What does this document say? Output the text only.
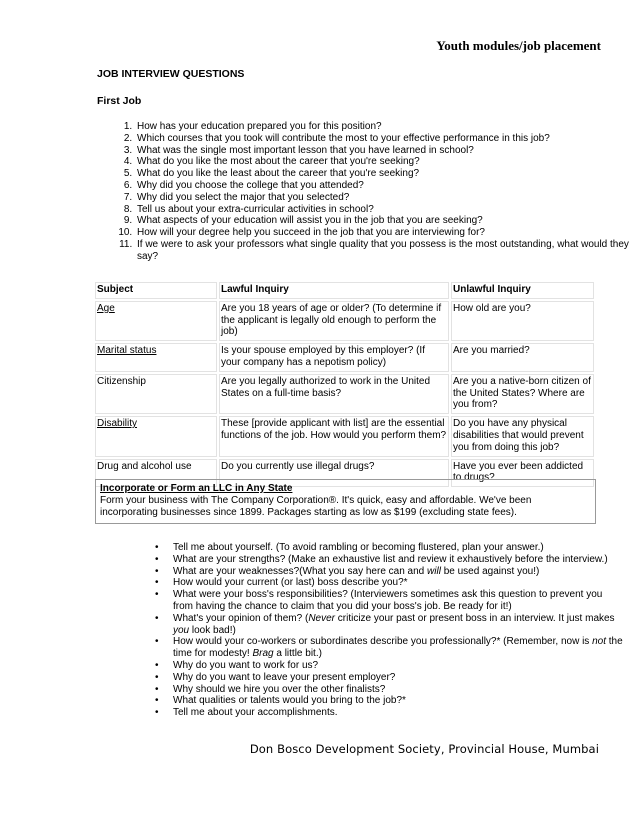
Youth modules/job placement
JOB INTERVIEW QUESTIONS
First Job
1. How has your education prepared you for this position?
2. Which courses that you took will contribute the most to your effective performance in this job?
3. What was the single most important lesson that you have learned in school?
4. What do you like the most about the career that you're seeking?
5. What do you like the least about the career that you're seeking?
6. Why did you choose the college that you attended?
7. Why did you select the major that you selected?
8. Tell us about your extra-curricular activities in school?
9. What aspects of your education will assist you in the job that you are seeking?
10. How will your degree help you succeed in the job that you are interviewing for?
11. If we were to ask your professors what single quality that you possess is the most outstanding, what would they say?
Subject	Lawful Inquiry	Unlawful Inquiry
Age	Are you 18 years of age or older? (To determine if the applicant is legally old enough to perform the job)	How old are you?
Marital status	Is your spouse employed by this employer? (If your company has a nepotism policy)	Are you married?
Citizenship	Are you legally authorized to work in the United States on a full-time basis?	Are you a native-born citizen of the United States? Where are you from?
Disability	These [provide applicant with list] are the essential functions of the job. How would you perform them?	Do you have any physical disabilities that would prevent you from doing this job?
Drug and alcohol use	Do you currently use illegal drugs?	Have you ever been addicted to drugs?
Incorporate or Form an LLC in Any State
Form your business with The Company Corporation®. It's quick, easy and affordable. We've been incorporating businesses since 1899. Packages starting as low as $199 (excluding state fees).
• Tell me about yourself. (To avoid rambling or becoming flustered, plan your answer.)
• What are your strengths? (Make an exhaustive list and review it exhaustively before the interview.)
• What are your weaknesses?(What you say here can and will be used against you!)
• How would your current (or last) boss describe you?*
• What were your boss's responsibilities? (Interviewers sometimes ask this question to prevent you from having the chance to claim that you did your boss's job. Be ready for it!)
• What's your opinion of them? (Never criticize your past or present boss in an interview. It just makes you look bad!)
• How would your co-workers or subordinates describe you professionally?* (Remember, now is not the time for modesty! Brag a little bit.)
• Why do you want to work for us?
• Why do you want to leave your present employer?
• Why should we hire you over the other finalists?
• What qualities or talents would you bring to the job?*
• Tell me about your accomplishments.
Don Bosco Development Society, Provincial House, Mumbai
